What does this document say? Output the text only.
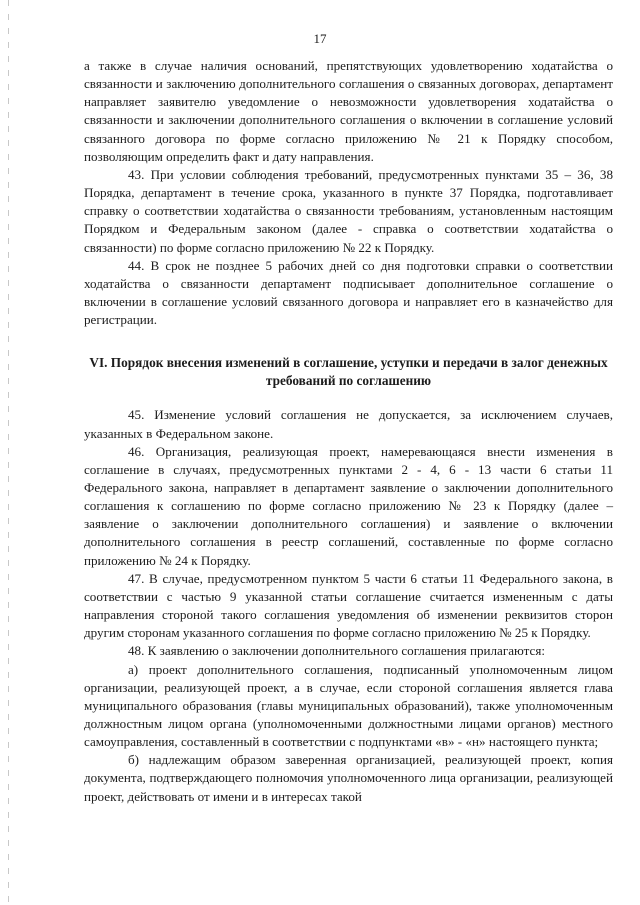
17

а также в случае наличия оснований, препятствующих удовлетворению ходатайства о связанности и заключению дополнительного соглашения о связанных договорах, департамент направляет заявителю уведомление о невозможности удовлетворения ходатайства о связанности и заключении дополнительного соглашения о включении в соглашение условий связанного договора по форме согласно приложению № 21 к Порядку способом, позволяющим определить факт и дату направления.

43. При условии соблюдения требований, предусмотренных пунктами 35 – 36, 38 Порядка, департамент в течение срока, указанного в пункте 37 Порядка, подготавливает справку о соответствии ходатайства о связанности требованиям, установленным настоящим Порядком и Федеральным законом (далее - справка о соответствии ходатайства о связанности) по форме согласно приложению № 22 к Порядку.

44. В срок не позднее 5 рабочих дней со дня подготовки справки о соответствии ходатайства о связанности департамент подписывает дополнительное соглашение о включении в соглашение условий связанного договора и направляет его в казначейство для регистрации.

VI. Порядок внесения изменений в соглашение, уступки и передачи в залог денежных требований по соглашению

45. Изменение условий соглашения не допускается, за исключением случаев, указанных в Федеральном законе.

46. Организация, реализующая проект, намеревающаяся внести изменения в соглашение в случаях, предусмотренных пунктами 2 - 4, 6 - 13 части 6 статьи 11 Федерального закона, направляет в департамент заявление о заключении дополнительного соглашения к соглашению по форме согласно приложению № 23 к Порядку (далее – заявление о заключении дополнительного соглашения) и заявление о включении дополнительного соглашения в реестр соглашений, составленные по форме согласно приложению № 24 к Порядку.

47. В случае, предусмотренном пунктом 5 части 6 статьи 11 Федерального закона, в соответствии с частью 9 указанной статьи соглашение считается измененным с даты направления стороной такого соглашения уведомления об изменении реквизитов сторон другим сторонам указанного соглашения по форме согласно приложению № 25 к Порядку.

48. К заявлению о заключении дополнительного соглашения прилагаются:

а) проект дополнительного соглашения, подписанный уполномоченным лицом организации, реализующей проект, а в случае, если стороной соглашения является глава муниципального образования (главы муниципальных образований), также уполномоченным должностным лицом органа (уполномоченными должностными лицами органов) местного самоуправления, составленный в соответствии с подпунктами «в» - «н» настоящего пункта;

б) надлежащим образом заверенная организацией, реализующей проект, копия документа, подтверждающего полномочия уполномоченного лица организации, реализующей проект, действовать от имени и в интересах такой
